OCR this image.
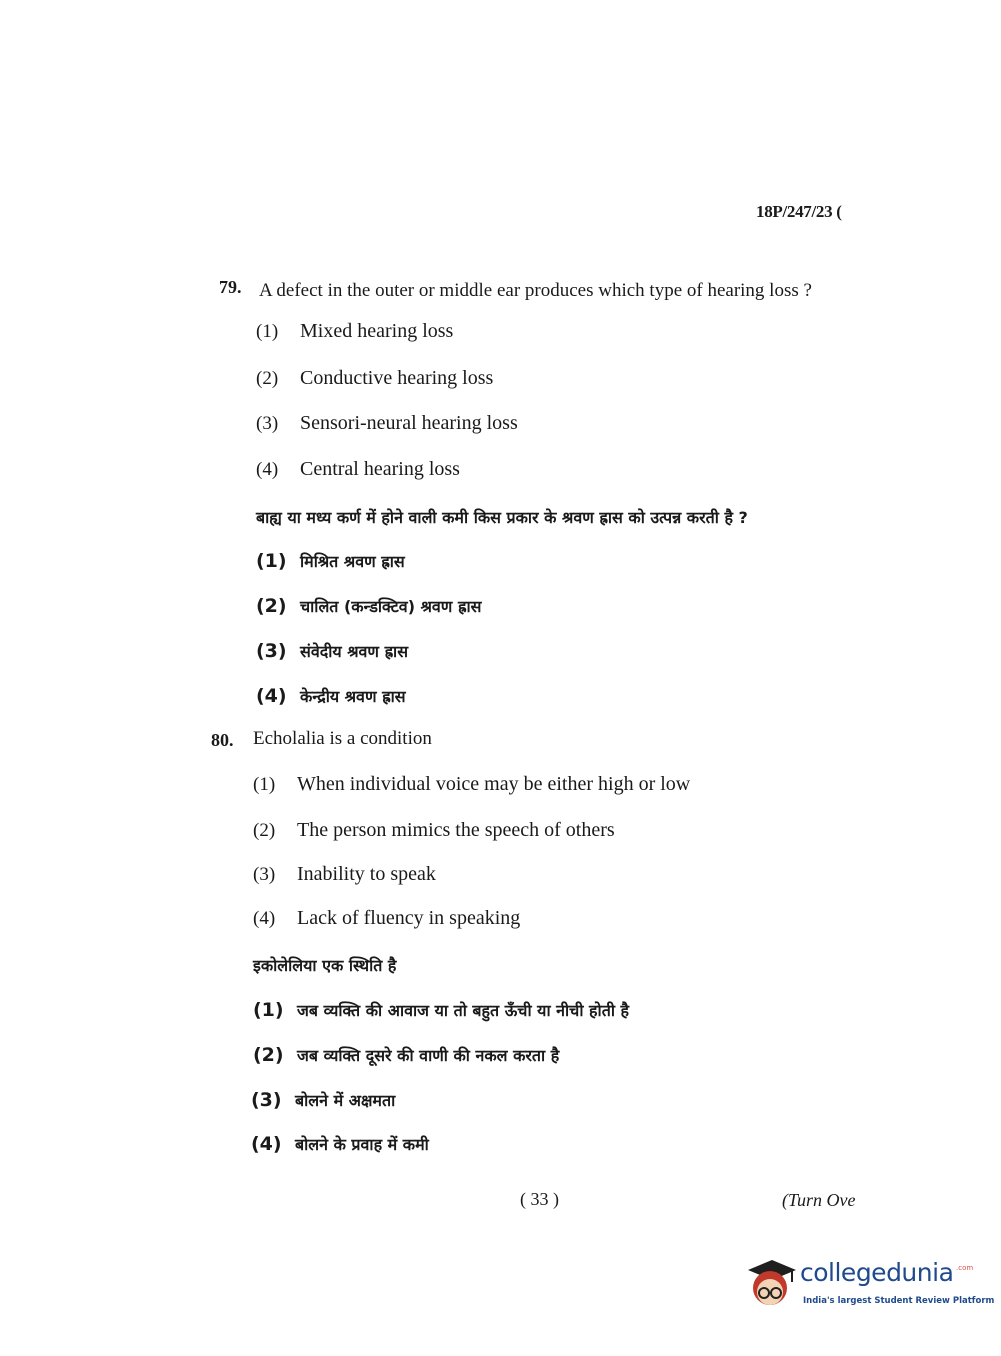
18P/247/23 (
79. A defect in the outer or middle ear produces which type of hearing loss ?
(1) Mixed hearing loss
(2) Conductive hearing loss
(3) Sensori-neural hearing loss
(4) Central hearing loss
बाह्य या मध्य कर्ण में होने वाली कमी किस प्रकार के श्रवण ह्रास को उत्पन्न करती है ?
(1) मिश्रित श्रवण ह्रास
(2) चालित (कन्डक्टिव) श्रवण ह्रास
(3) संवेदीय श्रवण ह्रास
(4) केन्द्रीय श्रवण ह्रास
80. Echolalia is a condition
(1) When individual voice may be either high or low
(2) The person mimics the speech of others
(3) Inability to speak
(4) Lack of fluency in speaking
इकोलेलिया एक स्थिति है
(1) जब व्यक्ति की आवाज या तो बहुत ऊँची या नीची होती है
(2) जब व्यक्ति दूसरे की वाणी की नकल करता है
(3) बोलने में अक्षमता
(4) बोलने के प्रवाह में कमी
( 33 )	(Turn Ove
collegedunia .com
India's largest Student Review Platform
